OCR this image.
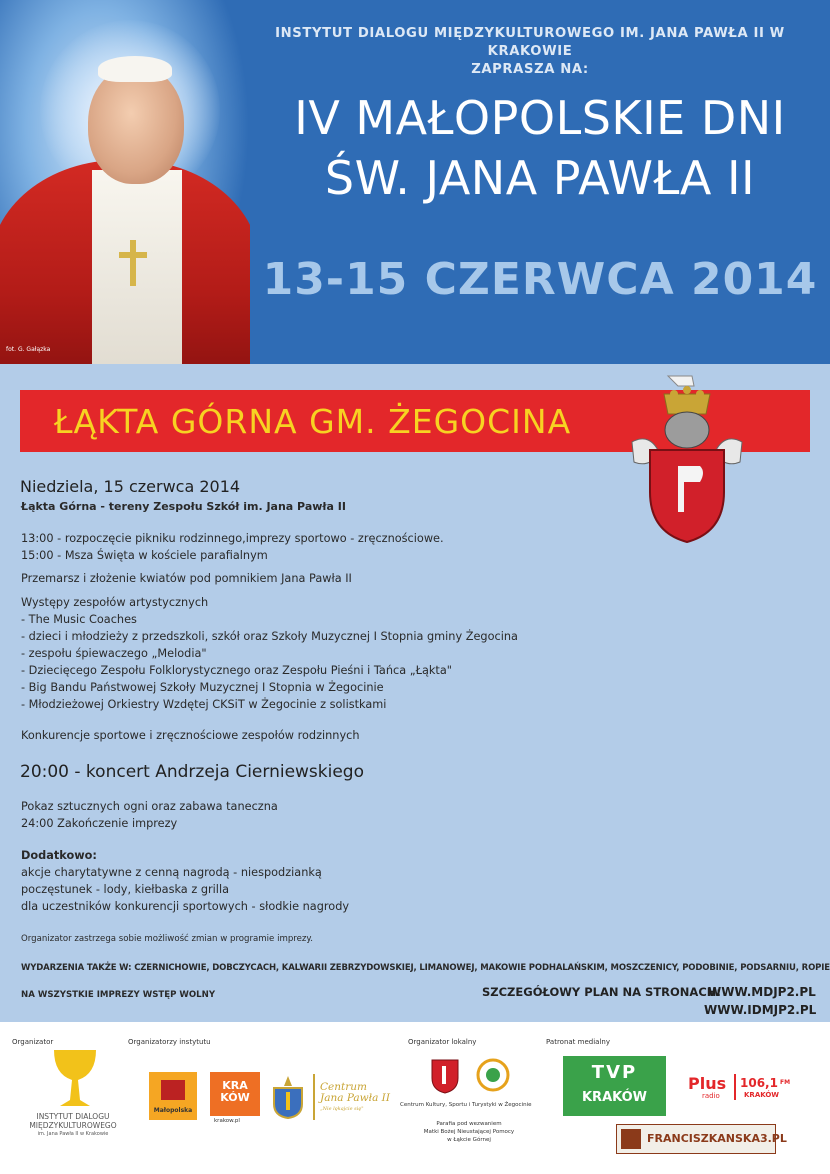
fot. G. Gałązka
INSTYTUT DIALOGU MIĘDZYKULTUROWEGO IM. JANA PAWŁA II W KRAKOWIE
ZAPRASZA NA:
IV MAŁOPOLSKIE DNI
ŚW. JANA PAWŁA II
13-15 CZERWCA 2014
ŁĄKTA GÓRNA GM. ŻEGOCINA
Niedziela, 15 czerwca 2014
Łąkta Górna - tereny Zespołu Szkół im. Jana Pawła II
13:00 - rozpoczęcie pikniku rodzinnego,imprezy sportowo - zręcznościowe.
15:00 - Msza Święta w kościele parafialnym
Przemarsz i złożenie kwiatów pod pomnikiem Jana Pawła II
Występy zespołów artystycznych
- The Music Coaches
- dzieci i młodzieży z przedszkoli, szkół oraz Szkoły Muzycznej I Stopnia gminy Żegocina
- zespołu śpiewaczego „Melodia"
- Dziecięcego Zespołu Folklorystycznego oraz Zespołu Pieśni i Tańca „Łąkta"
- Big Bandu Państwowej Szkoły Muzycznej I Stopnia w Żegocinie
- Młodzieżowej Orkiestry Wzdętej CKSiT w Żegocinie z solistkami
Konkurencje sportowe i zręcznościowe zespołów rodzinnych
20:00 - koncert Andrzeja Cierniewskiego
Pokaz sztucznych ogni oraz zabawa taneczna
24:00 Zakończenie imprezy
Dodatkowo:
akcje charytatywne z cenną nagrodą - niespodzianką
poczęstunek - lody, kiełbaska z grilla
dla uczestników konkurencji sportowych - słodkie nagrody
Organizator zastrzega sobie możliwość zmian w programie imprezy.
WYDARZENIA TAKŻE W: CZERNICHOWIE, DOBCZYCACH, KALWARII ZEBRZYDOWSKIEJ, LIMANOWEJ, MAKOWIE PODHALAŃSKIM, MOSZCZENICY, PODOBINIE, PODSARNIU, ROPIE
NA WSZYSTKIE IMPREZY WSTĘP WOLNY	SZCZEGÓŁOWY PLAN NA STRONACH:
WWW.MDJP2.PL
WWW.IDMJP2.PL
Organizator
INSTYTUT DIALOGU
MIĘDZYKULTUROWEGO
im. Jana Pawła II w Krakowie
Organizatorzy instytutu
Małopolska
KRA KÓW
krakow.pl
Centrum
Jana Pawła II
„Nie lękajcie się"
Organizator lokalny
Centrum Kultury, Sportu i Turystyki w Żegocinie
Parafia pod wezwaniem
Matki Bożej Nieustającej Pomocy
w Łąkcie Górnej
Patronat medialny
TVP
KRAKÓW
Plus
radio
106,1 FM
KRAKÓW
FRANCISZKANSKA3.PL
